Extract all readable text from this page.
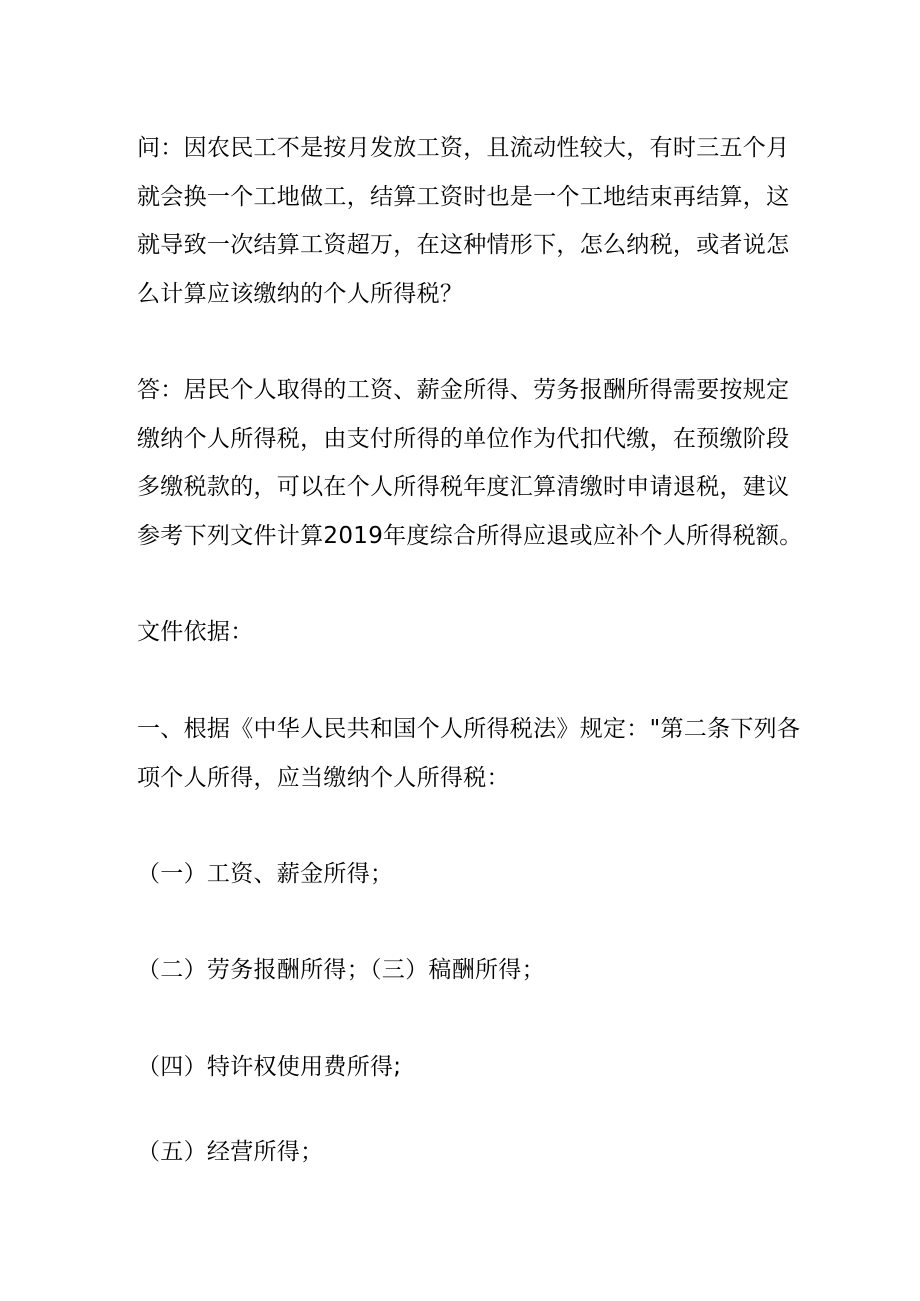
问：因农民工不是按月发放工资，且流动性较大，有时三五个月
就会换一个工地做工，结算工资时也是一个工地结束再结算，这
就导致一次结算工资超万，在这种情形下，怎么纳税，或者说怎
么计算应该缴纳的个人所得税？

答：居民个人取得的工资、薪金所得、劳务报酬所得需要按规定
缴纳个人所得税，由支付所得的单位作为代扣代缴，在预缴阶段
多缴税款的，可以在个人所得税年度汇算清缴时申请退税，建议
参考下列文件计算2019年度综合所得应退或应补个人所得税额。

文件依据：

一、根据《中华人民共和国个人所得税法》规定："第二条下列各
项个人所得，应当缴纳个人所得税：

（一）工资、薪金所得；

（二）劳务报酬所得；（三）稿酬所得；

（四）特许权使用费所得;

（五）经营所得；
